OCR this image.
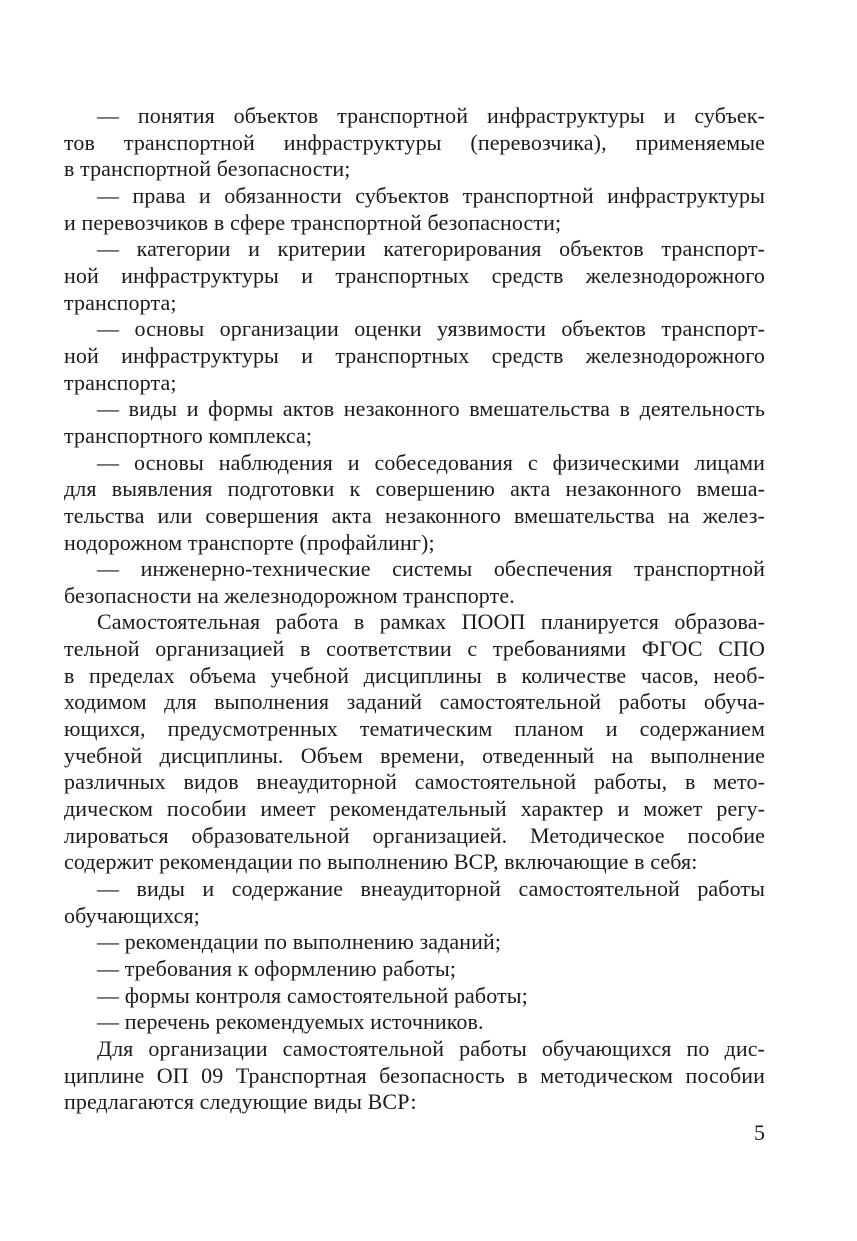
— понятия объектов транспортной инфраструктуры и субъек-
тов транспортной инфраструктуры (перевозчика), применяемые
в транспортной безопасности;
— права и обязанности субъектов транспортной инфраструктуры
и перевозчиков в сфере транспортной безопасности;
— категории и критерии категорирования объектов транспорт-
ной инфраструктуры и транспортных средств железнодорожного
транспорта;
— основы организации оценки уязвимости объектов транспорт-
ной инфраструктуры и транспортных средств железнодорожного
транспорта;
— виды и формы актов незаконного вмешательства в деятельность
транспортного комплекса;
— основы наблюдения и собеседования с физическими лицами
для выявления подготовки к совершению акта незаконного вмеша-
тельства или совершения акта незаконного вмешательства на желез-
нодорожном транспорте (профайлинг);
— инженерно-технические системы обеспечения транспортной
безопасности на железнодорожном транспорте.
Самостоятельная работа в рамках ПООП планируется образова-
тельной организацией в соответствии с требованиями ФГОС СПО
в пределах объема учебной дисциплины в количестве часов, необ-
ходимом для выполнения заданий самостоятельной работы обуча-
ющихся, предусмотренных тематическим планом и содержанием
учебной дисциплины. Объем времени, отведенный на выполнение
различных видов внеаудиторной самостоятельной работы, в мето-
дическом пособии имеет рекомендательный характер и может регу-
лироваться образовательной организацией. Методическое пособие
содержит рекомендации по выполнению ВСР, включающие в себя:
— виды и содержание внеаудиторной самостоятельной работы
обучающихся;
— рекомендации по выполнению заданий;
— требования к оформлению работы;
— формы контроля самостоятельной работы;
— перечень рекомендуемых источников.
Для организации самостоятельной работы обучающихся по дис-
циплине ОП 09 Транспортная безопасность в методическом пособии
предлагаются следующие виды ВСР:
5
